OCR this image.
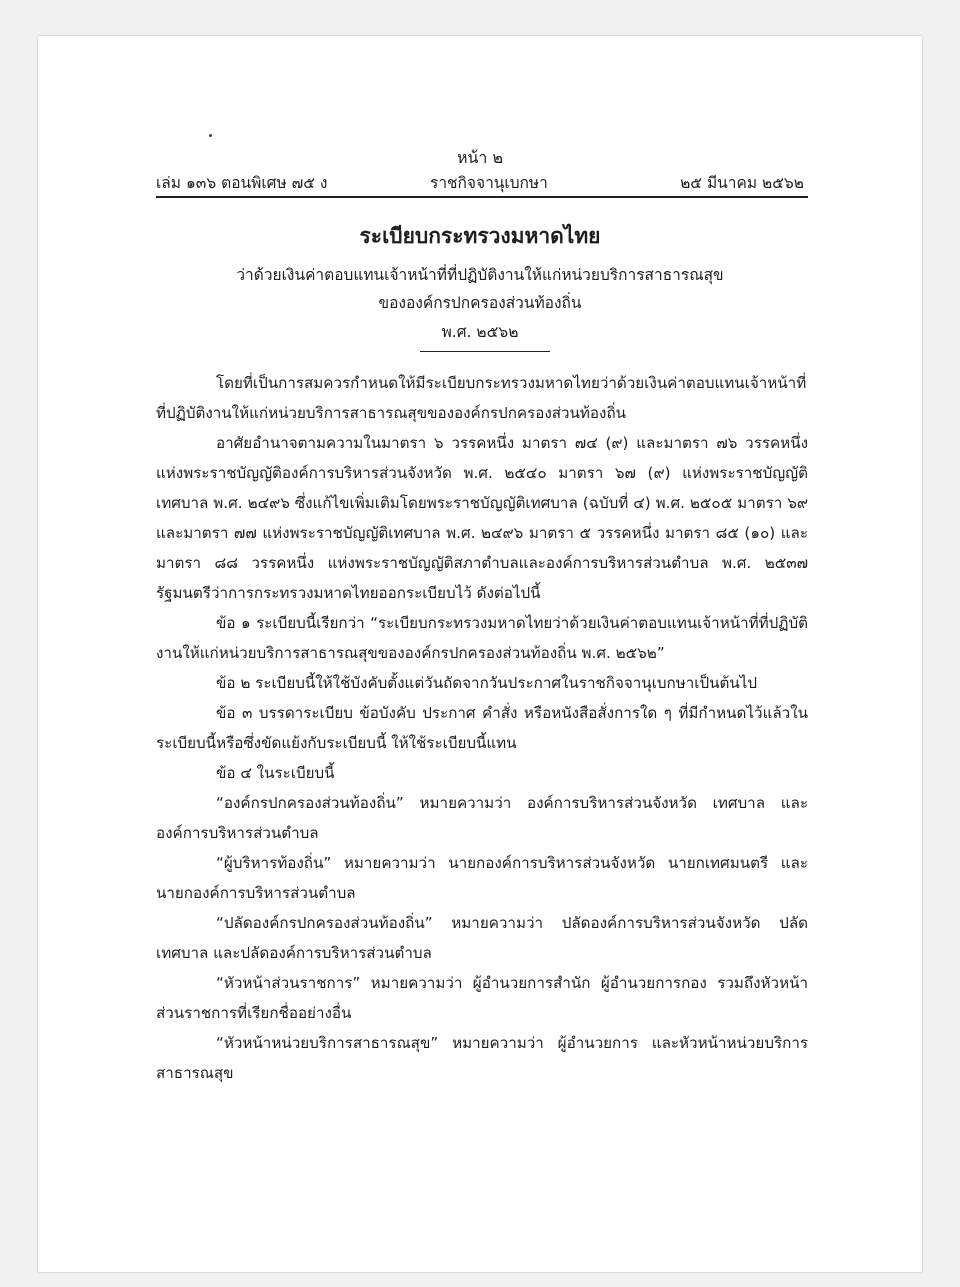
หน้า ๒
เล่ม ๑๓๖ ตอนพิเศษ ๗๕ ง	ราชกิจจานุเบกษา	๒๕ มีนาคม ๒๕๖๒
ระเบียบกระทรวงมหาดไทย
ว่าด้วยเงินค่าตอบแทนเจ้าหน้าที่ที่ปฏิบัติงานให้แก่หน่วยบริการสาธารณสุข
ขององค์กรปกครองส่วนท้องถิ่น
พ.ศ. ๒๕๖๒

โดยที่เป็นการสมควรกำหนดให้มีระเบียบกระทรวงมหาดไทยว่าด้วยเงินค่าตอบแทนเจ้าหน้าที่ที่ปฏิบัติงานให้แก่หน่วยบริการสาธารณสุขขององค์กรปกครองส่วนท้องถิ่น

อาศัยอำนาจตามความในมาตรา ๖ วรรคหนึ่ง มาตรา ๗๔ (๙) และมาตรา ๗๖ วรรคหนึ่ง แห่งพระราชบัญญัติองค์การบริหารส่วนจังหวัด พ.ศ. ๒๕๔๐ มาตรา ๖๗ (๙) แห่งพระราชบัญญัติเทศบาล พ.ศ. ๒๔๙๖ ซึ่งแก้ไขเพิ่มเติมโดยพระราชบัญญัติเทศบาล (ฉบับที่ ๔) พ.ศ. ๒๕๐๕ มาตรา ๖๙ และมาตรา ๗๗ แห่งพระราชบัญญัติเทศบาล พ.ศ. ๒๔๙๖ มาตรา ๕ วรรคหนึ่ง มาตรา ๘๕ (๑๐) และมาตรา ๘๘ วรรคหนึ่ง แห่งพระราชบัญญัติสภาตำบลและองค์การบริหารส่วนตำบล พ.ศ. ๒๕๓๗ รัฐมนตรีว่าการกระทรวงมหาดไทยออกระเบียบไว้ ดังต่อไปนี้

ข้อ ๑ ระเบียบนี้เรียกว่า “ระเบียบกระทรวงมหาดไทยว่าด้วยเงินค่าตอบแทนเจ้าหน้าที่ที่ปฏิบัติงานให้แก่หน่วยบริการสาธารณสุขขององค์กรปกครองส่วนท้องถิ่น พ.ศ. ๒๕๖๒”

ข้อ ๒ ระเบียบนี้ให้ใช้บังคับตั้งแต่วันถัดจากวันประกาศในราชกิจจานุเบกษาเป็นต้นไป

ข้อ ๓ บรรดาระเบียบ ข้อบังคับ ประกาศ คำสั่ง หรือหนังสือสั่งการใด ๆ ที่มีกำหนดไว้แล้วในระเบียบนี้หรือซึ่งขัดแย้งกับระเบียบนี้ ให้ใช้ระเบียบนี้แทน

ข้อ ๔ ในระเบียบนี้

“องค์กรปกครองส่วนท้องถิ่น” หมายความว่า องค์การบริหารส่วนจังหวัด เทศบาล และองค์การบริหารส่วนตำบล

“ผู้บริหารท้องถิ่น” หมายความว่า นายกองค์การบริหารส่วนจังหวัด นายกเทศมนตรี และนายกองค์การบริหารส่วนตำบล

“ปลัดองค์กรปกครองส่วนท้องถิ่น” หมายความว่า ปลัดองค์การบริหารส่วนจังหวัด ปลัดเทศบาล และปลัดองค์การบริหารส่วนตำบล

“หัวหน้าส่วนราชการ” หมายความว่า ผู้อำนวยการสำนัก ผู้อำนวยการกอง รวมถึงหัวหน้าส่วนราชการที่เรียกชื่ออย่างอื่น

“หัวหน้าหน่วยบริการสาธารณสุข” หมายความว่า ผู้อำนวยการ และหัวหน้าหน่วยบริการสาธารณสุข
